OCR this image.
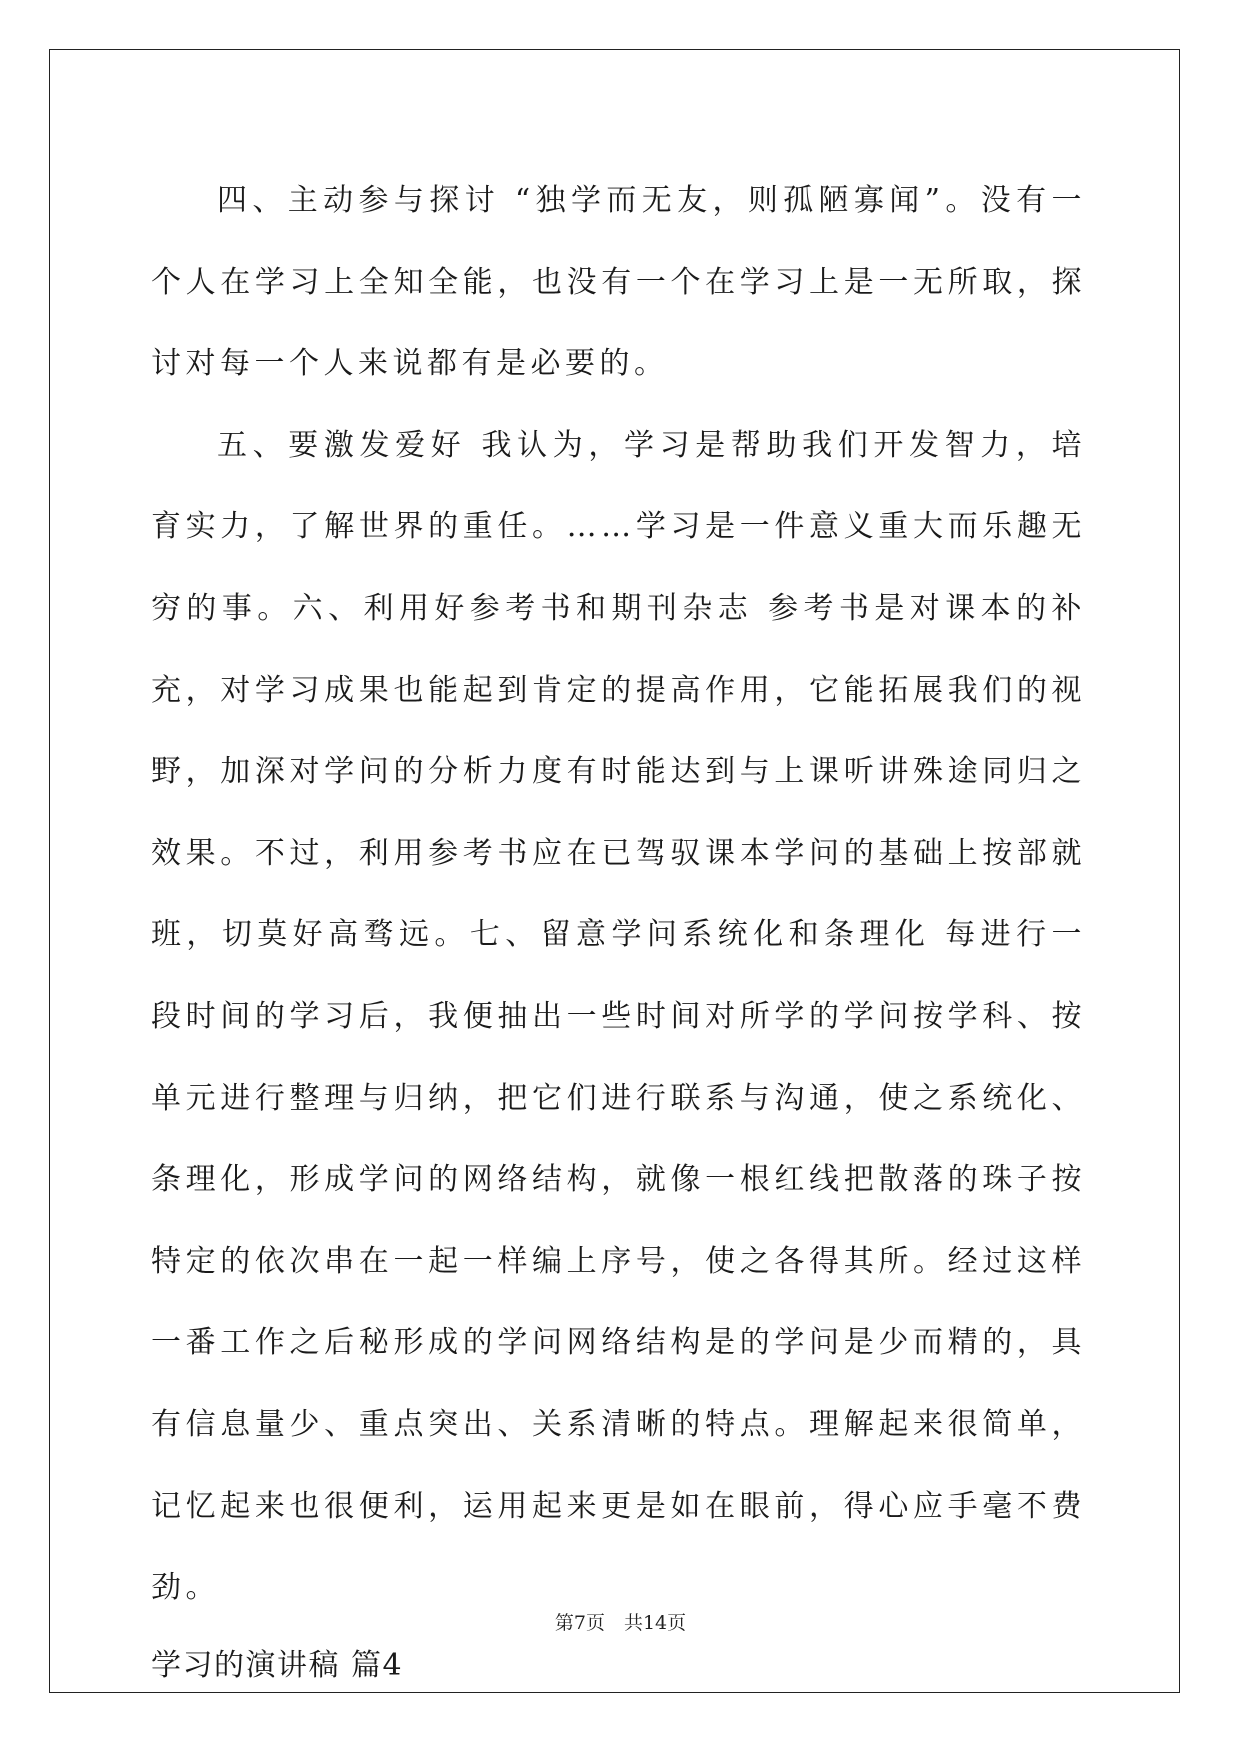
四、主动参与探讨 “独学而无友，则孤陋寡闻”。没有一个人在学习上全知全能，也没有一个在学习上是一无所取，探讨对每一个人来说都有是必要的。

五、要激发爱好 我认为，学习是帮助我们开发智力，培育实力，了解世界的重任。……学习是一件意义重大而乐趣无穷的事。六、利用好参考书和期刊杂志 参考书是对课本的补充，对学习成果也能起到肯定的提高作用，它能拓展我们的视野，加深对学问的分析力度有时能达到与上课听讲殊途同归之效果。不过，利用参考书应在已驾驭课本学问的基础上按部就班，切莫好高骛远。七、留意学问系统化和条理化 每进行一段时间的学习后，我便抽出一些时间对所学的学问按学科、按单元进行整理与归纳，把它们进行联系与沟通，使之系统化、条理化，形成学问的网络结构，就像一根红线把散落的珠子按特定的依次串在一起一样编上序号，使之各得其所。经过这样一番工作之后秘形成的学问网络结构是的学问是少而精的，具有信息量少、重点突出、关系清晰的特点。理解起来很简单，记忆起来也很便利，运用起来更是如在眼前，得心应手毫不费劲。

学习的演讲稿 篇4

第7页　共14页
